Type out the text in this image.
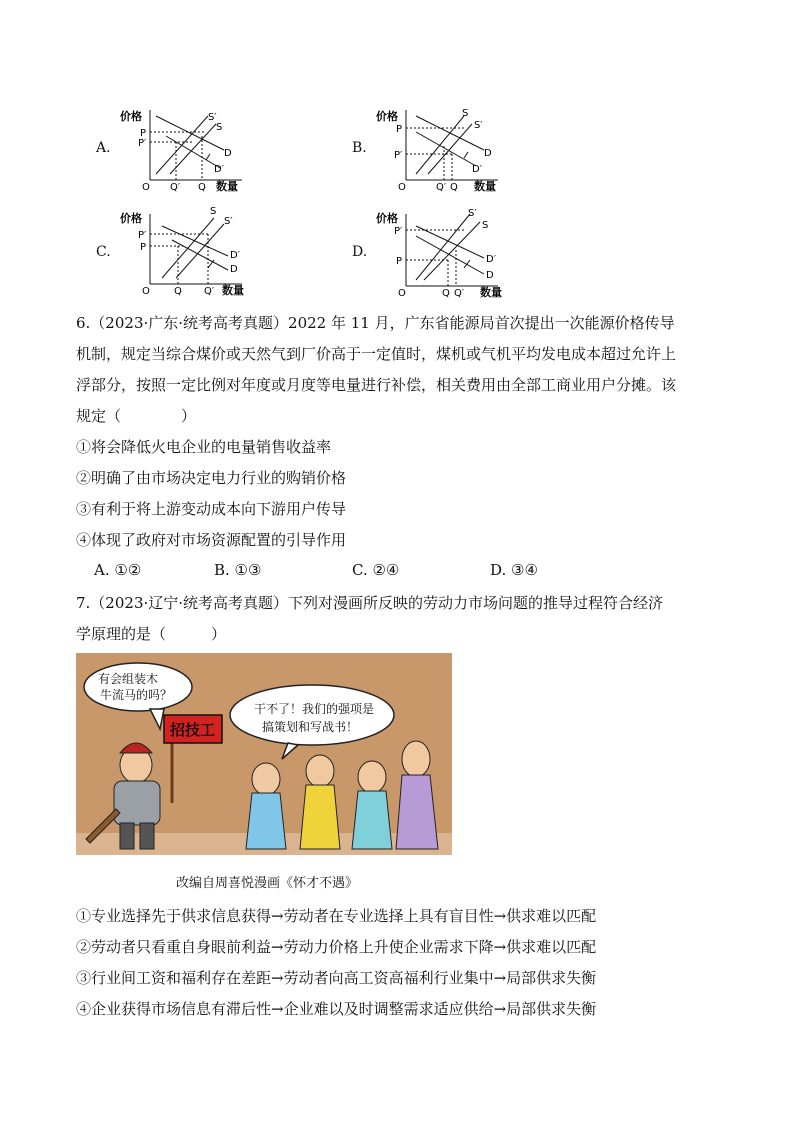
A.	B.
C.	D.
价格
P
P′
O Q′ Q 数量
S′
S
D
D′
价格
P
P′
O	Q′ Q 数量
S
S′
D
D′
价格
P′
P
O Q Q′ 数量
S
S′
D′
D
价格
P′
P
O	Q Q′ 数量
S′
S
D′
D
6.（2023·广东·统考高考真题）2022 年 11 月，广东省能源局首次提出一次能源价格传导
机制，规定当综合煤价或天然气到厂价高于一定值时，煤机或气机平均发电成本超过允许上
浮部分，按照一定比例对年度或月度等电量进行补偿，相关费用由全部工商业用户分摊。该
规定（　　　　）
①将会降低火电企业的电量销售收益率
②明确了由市场决定电力行业的购销价格
③有利于将上游变动成本向下游用户传导
④体现了政府对市场资源配置的引导作用
A. ①②	B. ①③	C. ②④	D. ③④
7.（2023·辽宁·统考高考真题）下列对漫画所反映的劳动力市场问题的推导过程符合经济
学原理的是（　　　）
有会组装木
牛流马的吗？
干不了！我们的强项是
搞策划和写战书！
招技工
改编自周喜悦漫画《怀才不遇》
①专业选择先于供求信息获得→劳动者在专业选择上具有盲目性→供求难以匹配
②劳动者只看重自身眼前利益→劳动力价格上升使企业需求下降→供求难以匹配
③行业间工资和福利存在差距→劳动者向高工资高福利行业集中→局部供求失衡
④企业获得市场信息有滞后性→企业难以及时调整需求适应供给→局部供求失衡
